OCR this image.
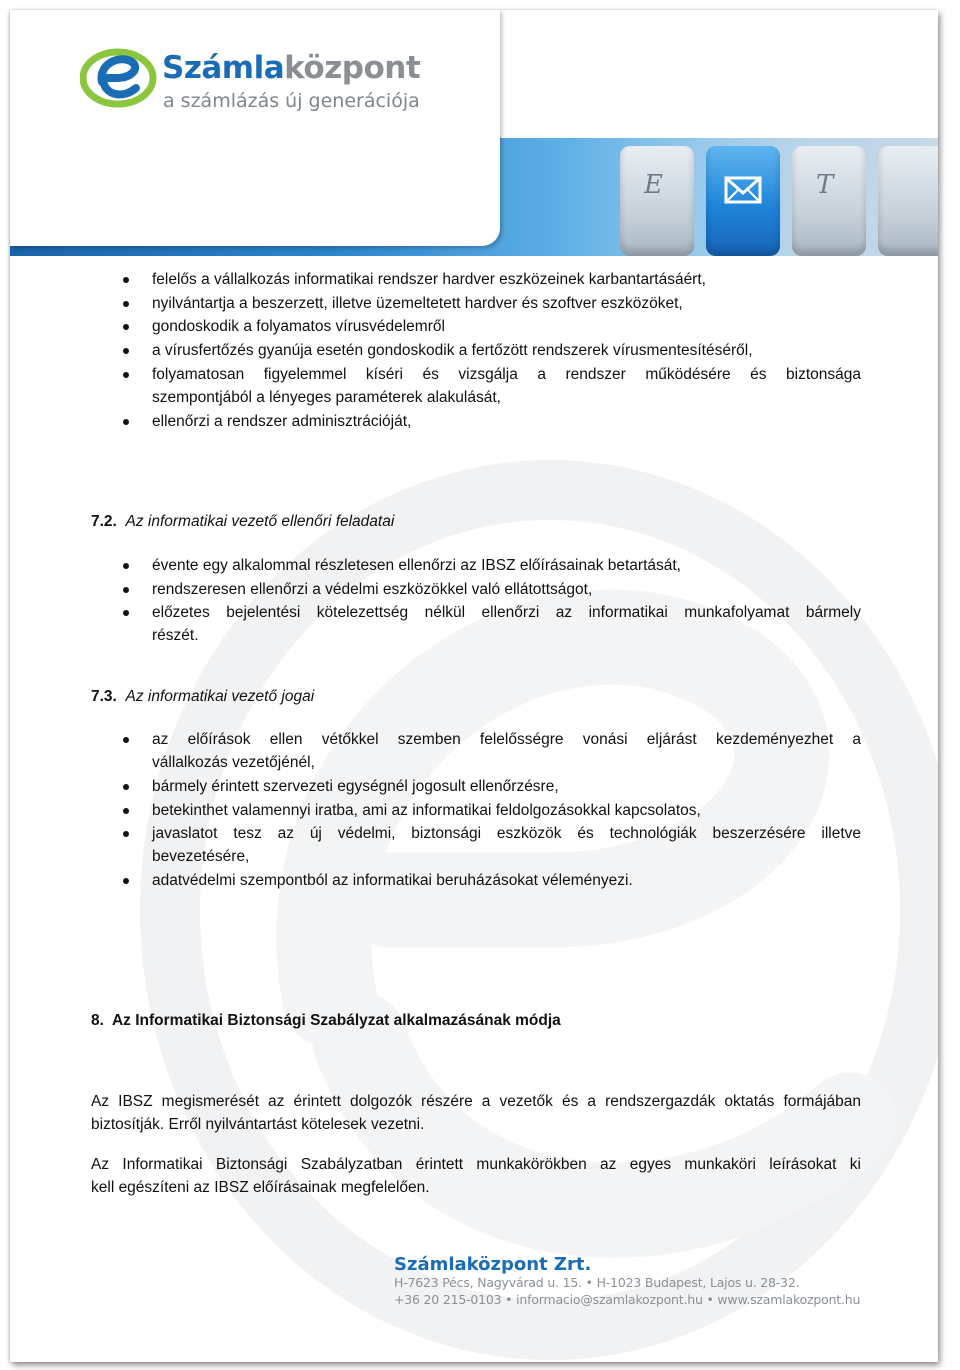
E	T
Számlaközpont
a számlázás új generációja
felelős a vállalkozás informatikai rendszer hardver eszközeinek karbantartásáért,
nyilvántartja a beszerzett, illetve üzemeltetett hardver és szoftver eszközöket,
gondoskodik a folyamatos vírusvédelemről
a vírusfertőzés gyanúja esetén gondoskodik a fertőzött rendszerek vírusmentesítéséről,
folyamatosan figyelemmel kíséri és vizsgálja a rendszer működésére és biztonsága
szempontjából a lényeges paraméterek alakulását,
ellenőrzi a rendszer adminisztrációját,
7.2. Az informatikai vezető ellenőri feladatai
évente egy alkalommal részletesen ellenőrzi az IBSZ előírásainak betartását,
rendszeresen ellenőrzi a védelmi eszközökkel való ellátottságot,
előzetes bejelentési kötelezettség nélkül ellenőrzi az informatikai munkafolyamat bármely
részét.
7.3. Az informatikai vezető jogai
az előírások ellen vétőkkel szemben felelősségre vonási eljárást kezdeményezhet a
vállalkozás vezetőjénél,
bármely érintett szervezeti egységnél jogosult ellenőrzésre,
betekinthet valamennyi iratba, ami az informatikai feldolgozásokkal kapcsolatos,
javaslatot tesz az új védelmi, biztonsági eszközök és technológiák beszerzésére illetve
bevezetésére,
adatvédelmi szempontból az informatikai beruházásokat véleményezi.
8. Az Informatikai Biztonsági Szabályzat alkalmazásának módja
Az IBSZ megismerését az érintett dolgozók részére a vezetők és a rendszergazdák oktatás formájában
biztosítják. Erről nyilvántartást kötelesek vezetni.
Az Informatikai Biztonsági Szabályzatban érintett munkakörökben az egyes munkaköri leírásokat ki
kell egészíteni az IBSZ előírásainak megfelelően.
Számlaközpont Zrt.
H-7623 Pécs, Nagyvárad u. 15. • H-1023 Budapest, Lajos u. 28-32.
+36 20 215-0103 • informacio@szamlakozpont.hu • www.szamlakozpont.hu
